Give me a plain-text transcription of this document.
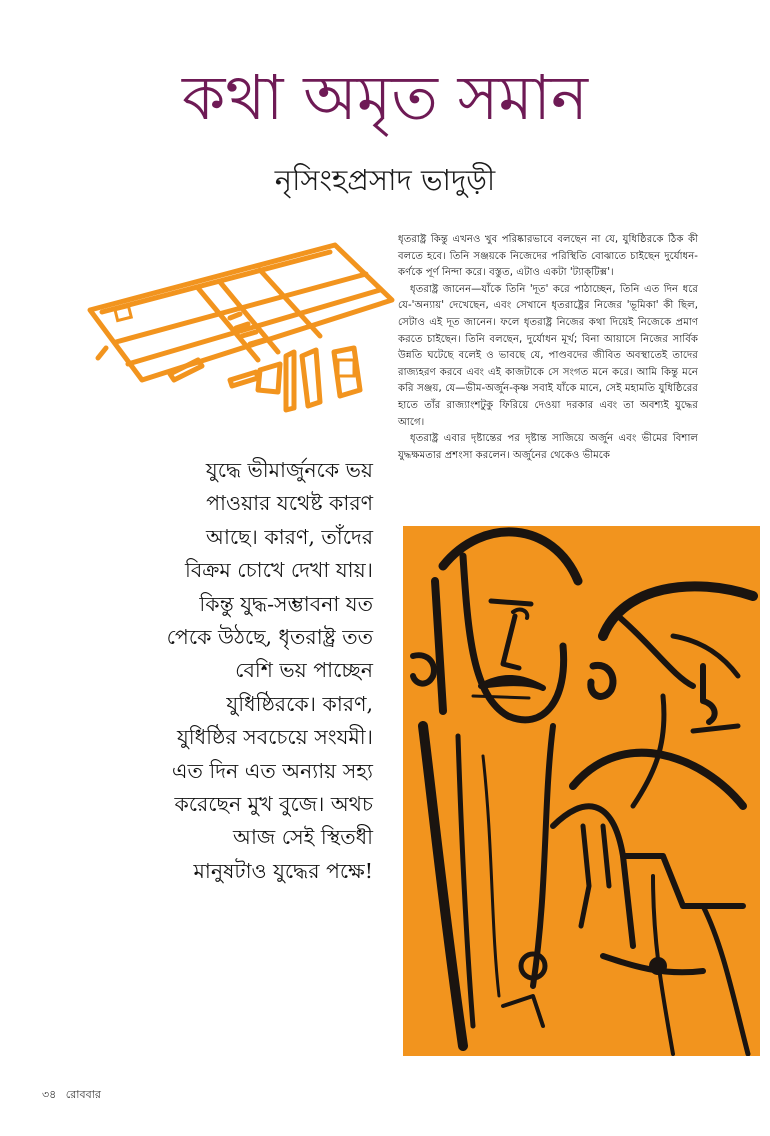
কথা অমৃত সমান
নৃসিংহপ্রসাদ ভাদুড়ী

ধৃতরাষ্ট্র কিন্তু এখনও খুব পরিষ্কারভাবে বলছেন না যে, যুধিষ্ঠিরকে ঠিক কী বলতে হবে। তিনি সঞ্জয়কে নিজেদের পরিস্থিতি বোঝাতে চাইছেন দুর্যোধন-কর্ণকে পূর্ণ নিন্দা করে। বস্তুত, এটাও একটা 'ট্যাক্‌টিক্স'।

ধৃতরাষ্ট্র জানেন—যাঁকে তিনি 'দূত' করে পাঠাচ্ছেন, তিনি এত দিন ধরে যে-'অন্যায়' দেখেছেন, এবং সেখানে ধৃতরাষ্ট্রের নিজের 'ভূমিকা' কী ছিল, সেটাও এই দূত জানেন। ফলে ধৃতরাষ্ট্র নিজের কথা দিয়েই নিজেকে প্রমাণ করতে চাইছেন। তিনি বলছেন, দুর্যোধন মূর্খ; বিনা আয়াসে নিজের সার্বিক উন্নতি ঘটেছে বলেই ও ভাবছে যে, পাণ্ডবদের জীবিত অবস্থাতেই তাদের রাজ্যহরণ করবে এবং এই কাজটাকে সে সংগত মনে করে। আমি কিন্তু মনে করি সঞ্জয়, যে—ভীম-অর্জুন-কৃষ্ণ সবাই যাঁকে মানে, সেই মহামতি যুধিষ্ঠিরের হাতে তাঁর রাজ্যাংশটুকু ফিরিয়ে দেওয়া দরকার এবং তা অবশ্যই যুদ্ধের আগে।

ধৃতরাষ্ট্র এবার দৃষ্টান্তের পর দৃষ্টান্ত সাজিয়ে অর্জুন এবং ভীমের বিশাল যুদ্ধক্ষমতার প্রশংসা করলেন। অর্জুনের থেকেও ভীমকে

যুদ্ধে ভীমার্জুনকে ভয়
পাওয়ার যথেষ্ট কারণ
আছে। কারণ, তাঁদের
বিক্রম চোখে দেখা যায়।
কিন্তু যুদ্ধ-সম্ভাবনা যত
পেকে উঠছে, ধৃতরাষ্ট্র তত
বেশি ভয় পাচ্ছেন
যুধিষ্ঠিরকে। কারণ,
যুধিষ্ঠির সবচেয়ে সংযমী।
এত দিন এত অন্যায় সহ্য
করেছেন মুখ বুজে। অথচ
আজ সেই স্থিতধী
মানুষটাও যুদ্ধের পক্ষে!
৩৪ রোববার
